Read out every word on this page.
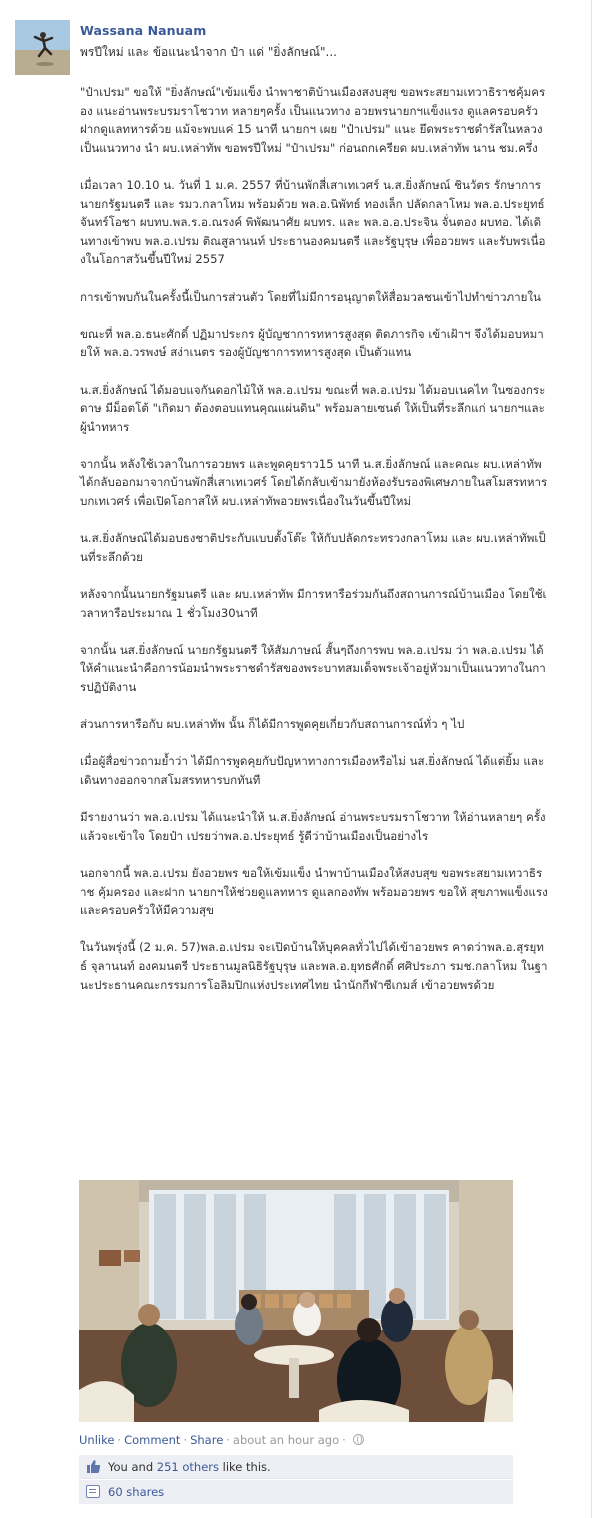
Wassana Nanuam
พรปีใหม่ และ ข้อแนะนำจาก ป๋า แด่ "ยิ่งลักษณ์"...

"ป๋าเปรม" ขอให้ "ยิ่งลักษณ์"เข้มแข็ง นำพาชาติบ้านเมืองสงบสุข ขอพระสยามเทวาธิราชคุ้มครอง แนะอ่านพระบรมราโชวาท หลายๆครั้ง เป็นแนวทาง อวยพรนายกฯแข็งแรง ดูแลครอบครัว ฝากดูแลทหารด้วย แม้จะพบแค่ 15 นาที นายกฯ เผย "ป๋าเปรม" แนะ ยึดพระราชดำรัสในหลวง เป็นแนวทาง นำ ผบ.เหล่าทัพ ขอพรปีใหม่ "ป๋าเปรม" ก่อนถกเครียด ผบ.เหล่าทัพ นาน ชม.ครึ่ง

เมื่อเวลา 10.10 น. วันที่ 1 ม.ค. 2557 ที่บ้านพักสี่เสาเทเวศร์ น.ส.ยิ่งลักษณ์ ชินวัตร รักษาการนายกรัฐมนตรี และ รมว.กลาโหม พร้อมด้วย พล.อ.นิพัทธ์ ทองเล็ก ปลัดกลาโหม พล.อ.ประยุทธ์ จันทร์โอชา ผบทบ.พล.ร.อ.ณรงค์ พิพัฒนาศัย ผบทร. และ พล.อ.อ.ประจิน จั่นตอง ผบทอ. ได้เดินทางเข้าพบ พล.อ.เปรม ติณสูลานนท์ ประธานองคมนตรี และรัฐบุรุษ เพื่ออวยพร และรับพรเนื่องในโอกาสวันขึ้นปีใหม่ 2557

การเข้าพบกันในครั้งนี้เป็นการส่วนตัว โดยที่ไม่มีการอนุญาตให้สื่อมวลชนเข้าไปทำข่าวภายใน

ขณะที่ พล.อ.ธนะศักดิ์ ปฏิมาประกร ผู้บัญชาการทหารสูงสุด ติดภารกิจ เข้าเฝ้าฯ จึงได้มอบหมายให้ พล.อ.วรพงษ์ สง่าเนตร รองผู้บัญชาการทหารสูงสุด เป็นตัวแทน

น.ส.ยิ่งลักษณ์ ได้มอบแจกันดอกไม้ให้ พล.อ.เปรม ขณะที่ พล.อ.เปรม ได้มอบเนคไท ในซองกระดาษ มีม็อตโต้ "เกิดมา ต้องตอบแทนคุณแผ่นดิน" พร้อมลายเซนต์ ให้เป็นที่ระลึกแก่ นายกฯและผู้นำทหาร

จากนั้น หลังใช้เวลาในการอวยพร และพูดคุยราว15 นาที น.ส.ยิ่งลักษณ์ และคณะ ผบ.เหล่าทัพ ได้กลับออกมาจากบ้านพักสี่เสาเทเวศร์ โดยได้กลับเข้ามายังห้องรับรองพิเศษภายในสโมสรทหารบกเทเวศร์ เพื่อเปิดโอกาสให้ ผบ.เหล่าทัพอวยพรเนื่องในวันขึ้นปีใหม่

น.ส.ยิ่งลักษณ์ได้มอบธงชาติประกับแบบตั้งโต๊ะ ให้กับปลัดกระทรวงกลาโหม และ ผบ.เหล่าทัพเป็นที่ระลึกด้วย

หลังจากนั้นนายกรัฐมนตรี และ ผบ.เหล่าทัพ มีการหารือร่วมกันถึงสถานการณ์บ้านเมือง โดยใช้เวลาหารือประมาณ 1 ชั่วโมง30นาที

จากนั้น นส.ยิ่งลักษณ์ นายกรัฐมนตรี ให้สัมภาษณ์ สั้นๆถึงการพบ พล.อ.เปรม ว่า พล.อ.เปรม ได้ให้คำแนะนำคือการน้อมนำพระราชดำรัสของพระบาทสมเด็จพระเจ้าอยู่หัวมาเป็นแนวทางในการปฏิบัติงาน

ส่วนการหารือกับ ผบ.เหล่าทัพ นั้น ก็ได้มีการพูดคุยเกี่ยวกับสถานการณ์ทั่ว ๆ ไป

เมื่อผู้สื่อข่าวถามย้ำว่า ได้มีการพูดคุยกับปัญหาทางการเมืองหรือไม่ นส.ยิ่งลักษณ์ ได้แต่ยิ้ม และเดินทางออกจากสโมสรทหารบกทันที

มีรายงานว่า พล.อ.เปรม ได้แนะนำให้ น.ส.ยิ่งลักษณ์ อ่านพระบรมราโชวาท ให้อ่านหลายๆ ครั้งแล้วจะเข้าใจ โดยป๋า เปรยว่าพล.อ.ประยุทธ์ รู้ดีว่าบ้านเมืองเป็นอย่างไร

นอกจากนี้ พล.อ.เปรม ยังอวยพร ขอให้เข้มแข็ง นำพาบ้านเมืองให้สงบสุข ขอพระสยามเทวาธิราช คุ้มครอง และฝาก นายกฯให้ช่วยดูแลทหาร ดูแลกองทัพ พร้อมอวยพร ขอให้ สุขภาพแข็งแรงและครอบครัวให้มีความสุข

ในวันพรุ่งนี้ (2 ม.ค. 57)พล.อ.เปรม จะเปิดบ้านให้บุคคลทั่วไปได้เข้าอวยพร คาดว่าพล.อ.สุรยุทธ์ จุลานนท์ องคมนตรี ประธานมูลนิธิรัฐบุรุษ และพล.อ.ยุทธศักดิ์ ศศิประภา รมช.กลาโหม ในฐานะประธานคณะกรรมการโอลิมปิกแห่งประเทศไทย นำนักกีฬาซีเกมส์ เข้าอวยพรด้วย

Unlike · Comment · Share · about an hour ago ·
You and 251 others like this.
60 shares
